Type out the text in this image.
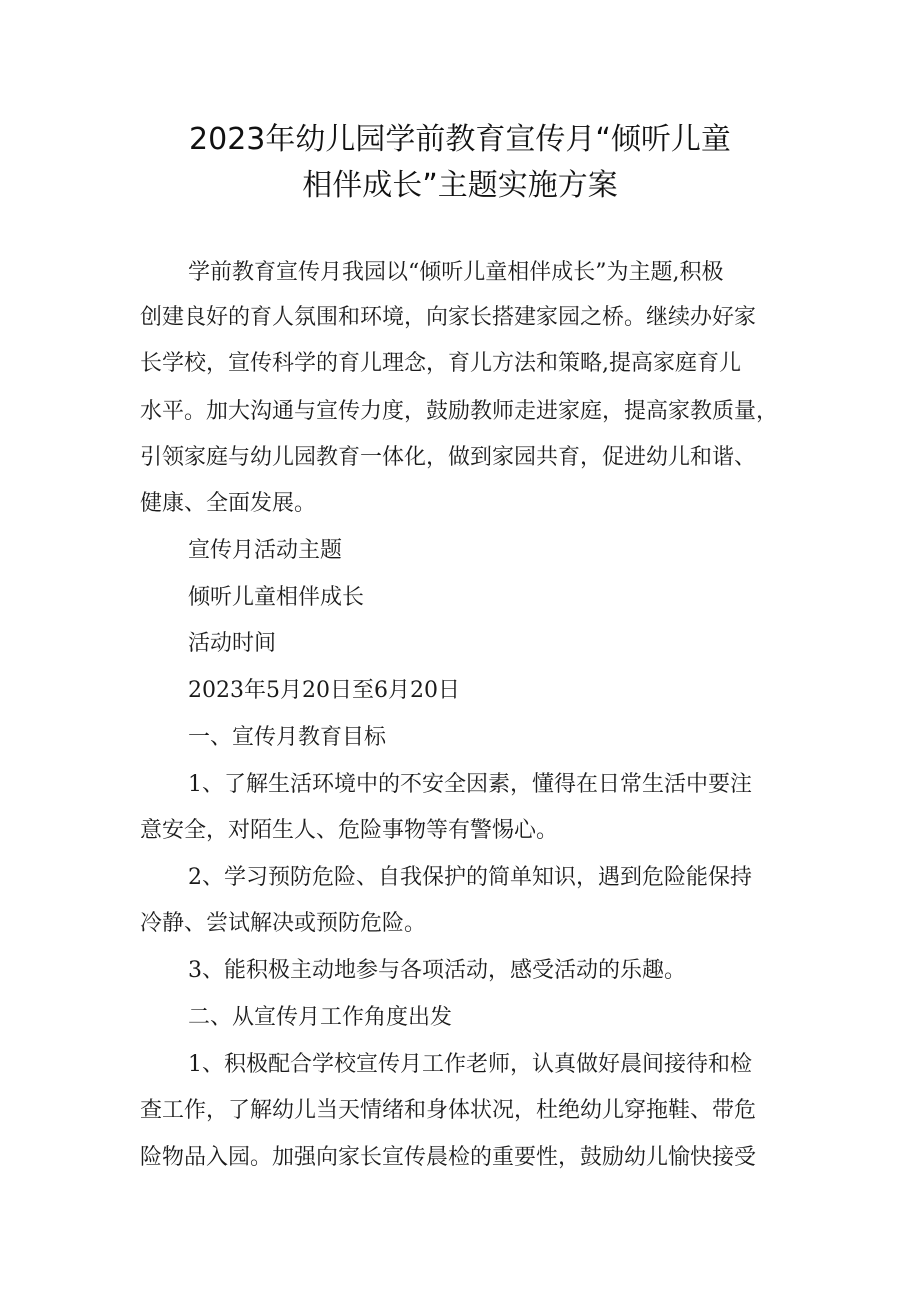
2023年幼儿园学前教育宣传月“倾听儿童
相伴成长”主题实施方案
学前教育宣传月我园以“倾听儿童相伴成长”为主题,积极
创建良好的育人氛围和环境，向家长搭建家园之桥。继续办好家
长学校，宣传科学的育儿理念，育儿方法和策略,提高家庭育儿
水平。加大沟通与宣传力度，鼓励教师走进家庭，提高家教质量，
引领家庭与幼儿园教育一体化，做到家园共育，促进幼儿和谐、
健康、全面发展。
宣传月活动主题
倾听儿童相伴成长
活动时间
2023年5月20日至6月20日
一、宣传月教育目标
1、了解生活环境中的不安全因素，懂得在日常生活中要注
意安全，对陌生人、危险事物等有警惕心。
2、学习预防危险、自我保护的简单知识，遇到危险能保持
冷静、尝试解决或预防危险。
3、能积极主动地参与各项活动，感受活动的乐趣。
二、从宣传月工作角度出发
1、积极配合学校宣传月工作老师，认真做好晨间接待和检
查工作，了解幼儿当天情绪和身体状况，杜绝幼儿穿拖鞋、带危
险物品入园。加强向家长宣传晨检的重要性，鼓励幼儿愉快接受
